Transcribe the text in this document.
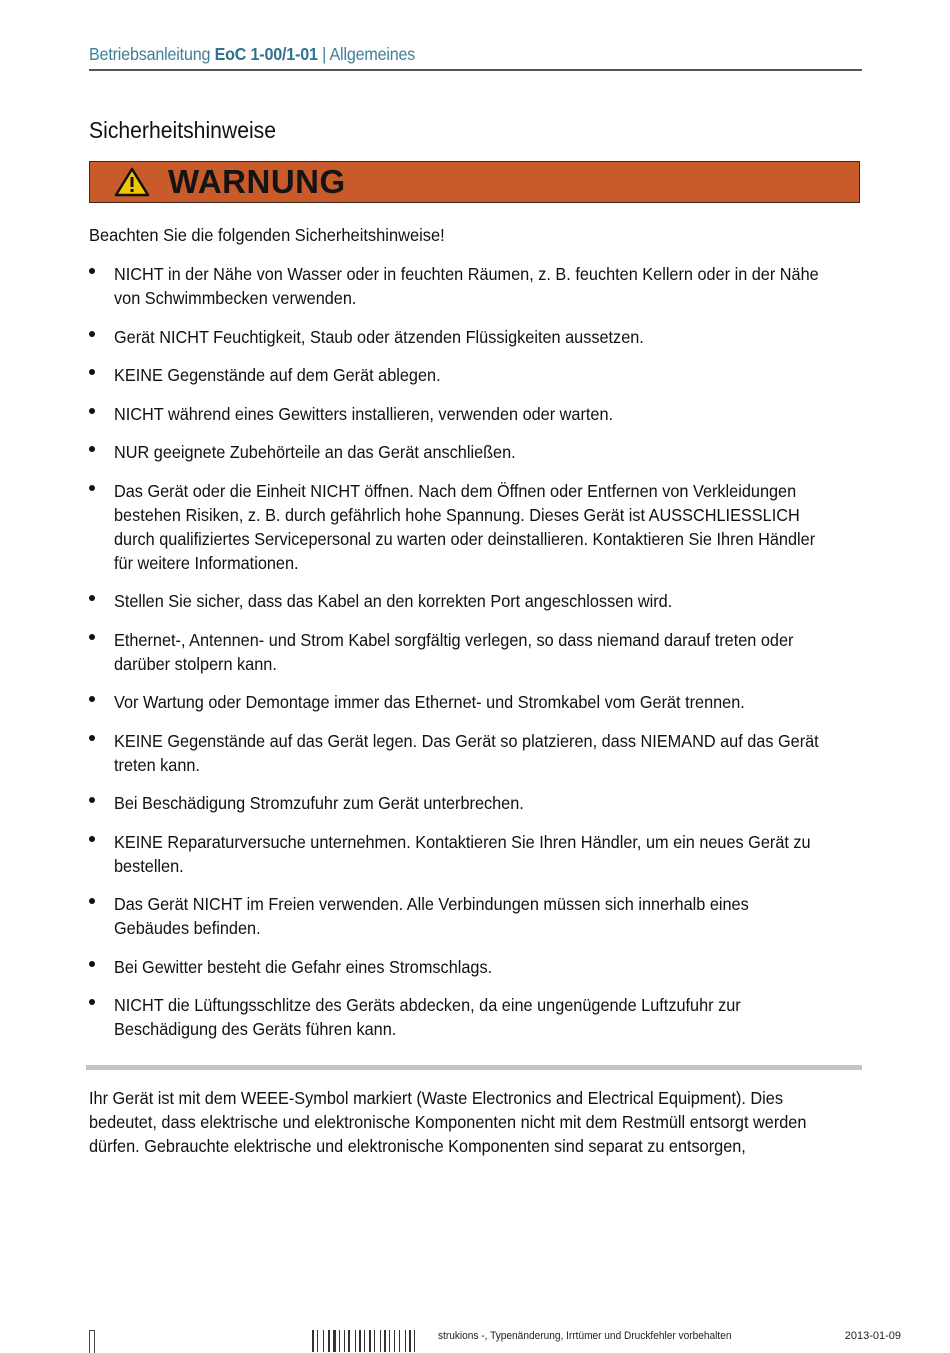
Betriebsanleitung EoC 1-00/1-01 | Allgemeines
Sicherheitshinweise
WARNUNG
Beachten Sie die folgenden Sicherheitshinweise!
NICHT in der Nähe von Wasser oder in feuchten Räumen, z. B. feuchten Kellern oder in der Nähe
von Schwimmbecken verwenden.
Gerät NICHT Feuchtigkeit, Staub oder ätzenden Flüssigkeiten aussetzen.
KEINE Gegenstände auf dem Gerät ablegen.
NICHT während eines Gewitters installieren, verwenden oder warten.
NUR geeignete Zubehörteile an das Gerät anschließen.
Das Gerät oder die Einheit NICHT öffnen. Nach dem Öffnen oder Entfernen von Verkleidungen
bestehen Risiken, z. B. durch gefährlich hohe Spannung. Dieses Gerät ist AUSSCHLIESSLICH
durch qualifiziertes Servicepersonal zu warten oder deinstallieren. Kontaktieren Sie Ihren Händler
für weitere Informationen.
Stellen Sie sicher, dass das Kabel an den korrekten Port angeschlossen wird.
Ethernet-, Antennen- und Strom Kabel sorgfältig verlegen, so dass niemand darauf treten oder
darüber stolpern kann.
Vor Wartung oder Demontage immer das Ethernet- und Stromkabel vom Gerät trennen.
KEINE Gegenstände auf das Gerät legen. Das Gerät so platzieren, dass NIEMAND auf das Gerät
treten kann.
Bei Beschädigung Stromzufuhr zum Gerät unterbrechen.
KEINE Reparaturversuche unternehmen. Kontaktieren Sie Ihren Händler, um ein neues Gerät zu
bestellen.
Das Gerät NICHT im Freien verwenden. Alle Verbindungen müssen sich innerhalb eines
Gebäudes befinden.
Bei Gewitter besteht die Gefahr eines Stromschlags.
NICHT die Lüftungsschlitze des Geräts abdecken, da eine ungenügende Luftzufuhr zur
Beschädigung des Geräts führen kann.
Ihr Gerät ist mit dem WEEE-Symbol markiert (Waste Electronics and Electrical Equipment). Dies
bedeutet, dass elektrische und elektronische Komponenten nicht mit dem Restmüll entsorgt werden
dürfen. Gebrauchte elektrische und elektronische Komponenten sind separat zu entsorgen,
strukions -, Typenänderung, Irrtümer und Druckfehler vorbehalten	2013-01-09
